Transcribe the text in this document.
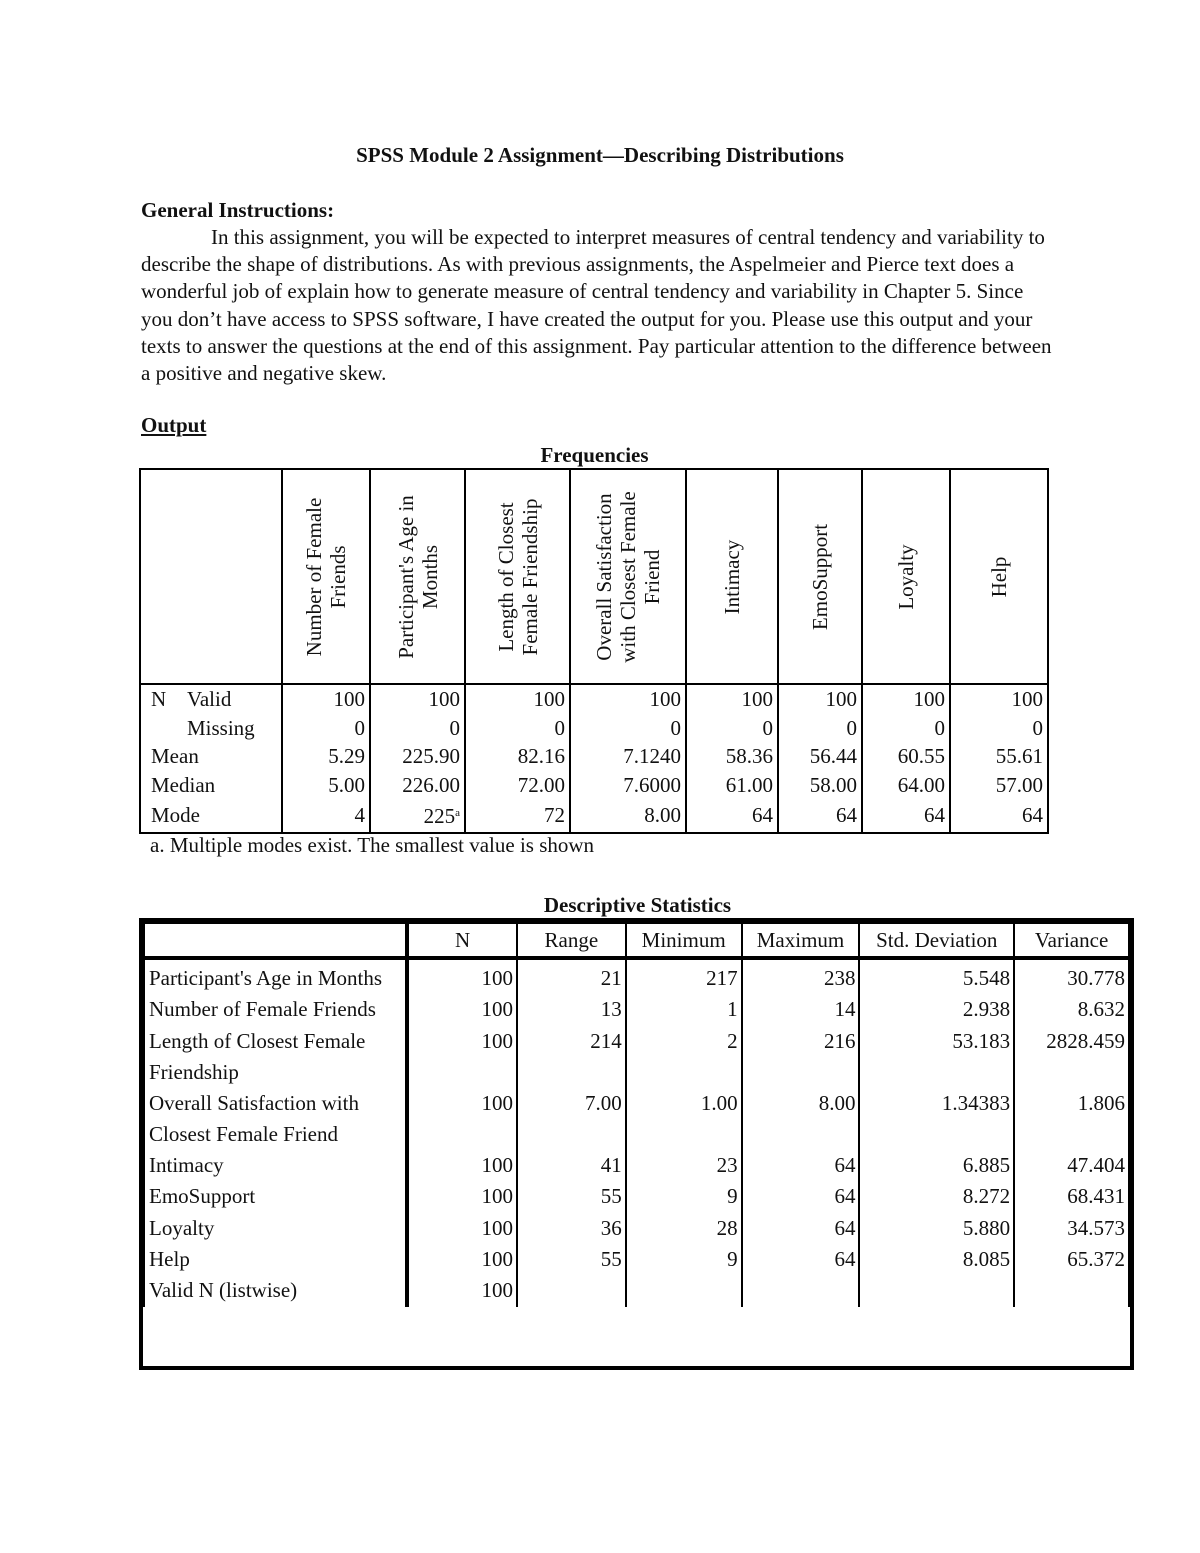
SPSS Module 2 Assignment—Describing Distributions
General Instructions:
In this assignment, you will be expected to interpret measures of central tendency and variability to describe the shape of distributions. As with previous assignments, the Aspelmeier and Pierce text does a wonderful job of explain how to generate measure of central tendency and variability in Chapter 5. Since you don’t have access to SPSS software, I have created the output for you. Please use this output and your texts to answer the questions at the end of this assignment. Pay particular attention to the difference between a positive and negative skew.
Output
Frequencies

	Number of Female Friends	Participant's Age in Months	Length of Closest Female Friendship	Overall Satisfaction with Closest Female Friend	Intimacy	EmoSupport	Loyalty	Help

N Valid	100	100	100	100	100	100	100	100
Missing	0	0	0	0	0	0	0	0
Mean	5.29	225.90	82.16	7.1240	58.36	56.44	60.55	55.61
Median	5.00	226.00	72.00	7.6000	61.00	58.00	64.00	57.00
Mode	4	225$^a$	72	8.00	64	64	64	64
a. Multiple modes exist. The smallest value is shown
Descriptive Statistics
	N	Range	Minimum	Maximum	Std. Deviation	Variance
Participant's Age in Months	100	21	217	238	5.548	30.778
Number of Female Friends	100	13	1	14	2.938	8.632
Length of Closest Female Friendship	100	214	2	216	53.183	2828.459
Overall Satisfaction with Closest Female Friend	100	7.00	1.00	8.00	1.34383	1.806
Intimacy	100	41	23	64	6.885	47.404
EmoSupport	100	55	9	64	8.272	68.431
Loyalty	100	36	28	64	5.880	34.573
Help	100	55	9	64	8.085	65.372
Valid N (listwise)	100					
